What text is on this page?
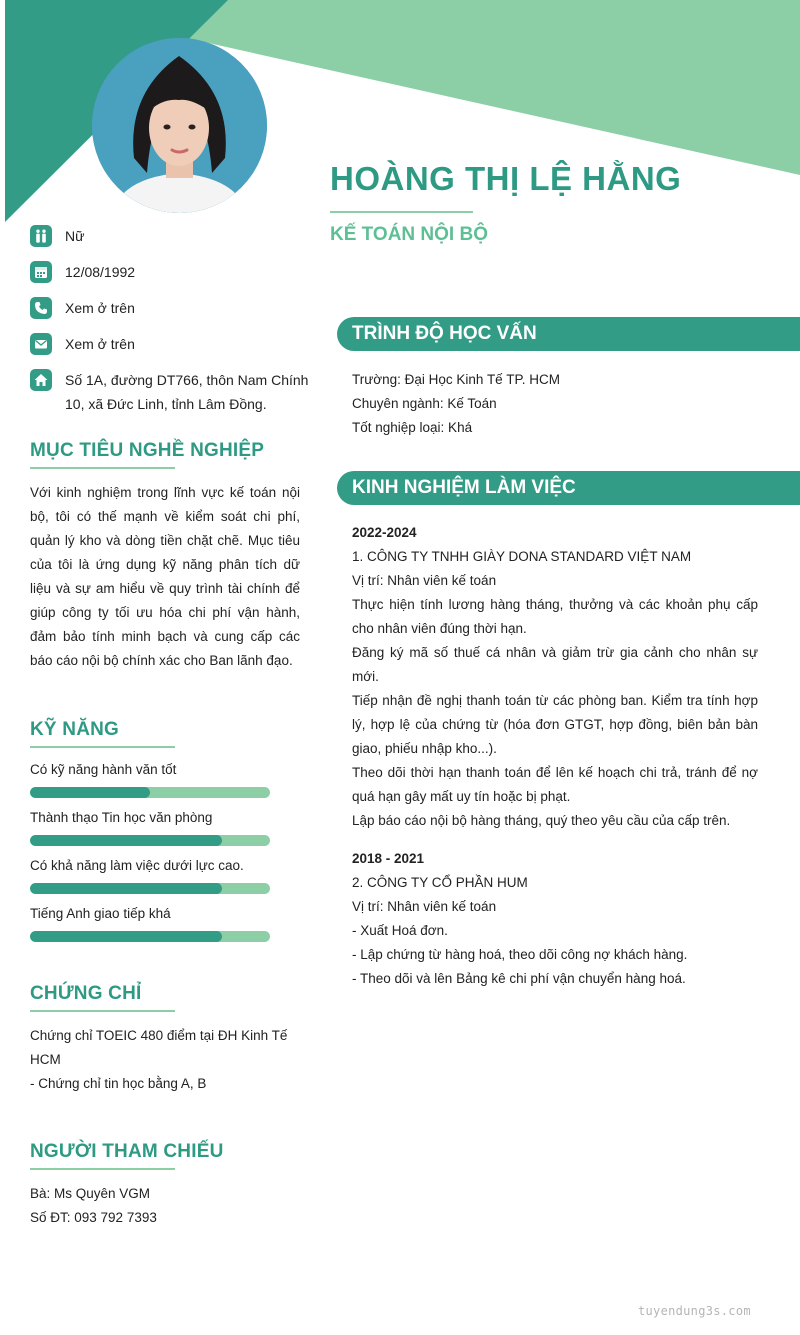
HOÀNG THỊ LỆ HẰNG
KẾ TOÁN NỘI BỘ
Nữ
12/08/1992
Xem ở trên
Xem ở trên
Số 1A, đường DT766, thôn Nam Chính 10, xã Đức Linh, tỉnh Lâm Đồng.
MỤC TIÊU NGHỀ NGHIỆP

Với kinh nghiệm trong lĩnh vực kế toán nội bộ, tôi có thế mạnh về kiểm soát chi phí, quản lý kho và dòng tiền chặt chẽ. Mục tiêu của tôi là ứng dụng kỹ năng phân tích dữ liệu và sự am hiểu về quy trình tài chính để giúp công ty tối ưu hóa chi phí vận hành, đảm bảo tính minh bạch và cung cấp các báo cáo nội bộ chính xác cho Ban lãnh đạo.

KỸ NĂNG
Có kỹ năng hành văn tốt
Thành thạo Tin học văn phòng
Có khả năng làm việc dưới lực cao.
Tiếng Anh giao tiếp khá
CHỨNG CHỈ

Chứng chỉ TOEIC 480 điểm tại ĐH Kinh Tế HCM

- Chứng chỉ tin học bằng A, B

NGƯỜI THAM CHIẾU

Bà: Ms Quyên VGM

Số ĐT: 093 792 7393

TRÌNH ĐỘ HỌC VẤN

Trường: Đại Học Kinh Tế TP. HCM

Chuyên ngành: Kế Toán

Tốt nghiệp loại: Khá

KINH NGHIỆM LÀM VIỆC

2022-2024

1. CÔNG TY TNHH GIÀY DONA STANDARD VIỆT NAM

Vị trí: Nhân viên kế toán

Thực hiện tính lương hàng tháng, thưởng và các khoản phụ cấp cho nhân viên đúng thời hạn.

Đăng ký mã số thuế cá nhân và giảm trừ gia cảnh cho nhân sự mới.

Tiếp nhận đề nghị thanh toán từ các phòng ban. Kiểm tra tính hợp lý, hợp lệ của chứng từ (hóa đơn GTGT, hợp đồng, biên bản bàn giao, phiếu nhập kho...).

Theo dõi thời hạn thanh toán để lên kế hoạch chi trả, tránh để nợ quá hạn gây mất uy tín hoặc bị phạt.

Lập báo cáo nội bộ hàng tháng, quý theo yêu cầu của cấp trên.

2018 - 2021

2. CÔNG TY CỔ PHẦN HUM

Vị trí: Nhân viên kế toán

- Xuất Hoá đơn.

- Lập chứng từ hàng hoá, theo dõi công nợ khách hàng.

- Theo dõi và lên Bảng kê chi phí vận chuyển hàng hoá.

tuyendung3s.com
